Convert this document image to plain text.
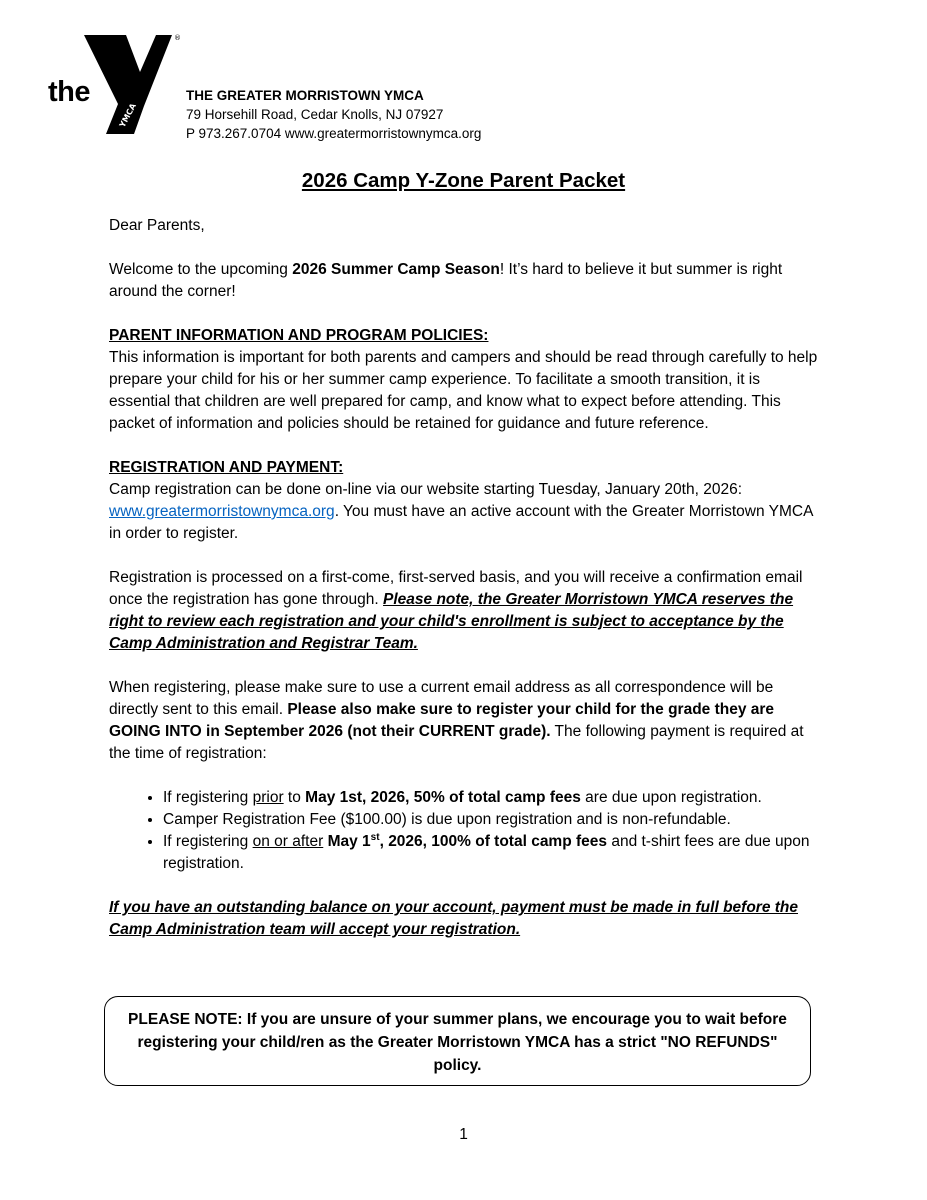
the
YMCA
®
THE GREATER MORRISTOWN YMCA
79 Horsehill Road, Cedar Knolls, NJ 07927
P 973.267.0704 www.greatermorristownymca.org
2026 Camp Y-Zone Parent Packet

Dear Parents,

Welcome to the upcoming 2026 Summer Camp Season! It’s hard to believe it but summer is right around the corner!

PARENT INFORMATION AND PROGRAM POLICIES:

This information is important for both parents and campers and should be read through carefully to help prepare your child for his or her summer camp experience. To facilitate a smooth transition, it is essential that children are well prepared for camp, and know what to expect before attending. This packet of information and policies should be retained for guidance and future reference.

REGISTRATION AND PAYMENT:

Camp registration can be done on-line via our website starting Tuesday, January 20th, 2026: www.greatermorristownymca.org. You must have an active account with the Greater Morristown YMCA in order to register.

Registration is processed on a first-come, first-served basis, and you will receive a confirmation email once the registration has gone through. Please note, the Greater Morristown YMCA reserves the right to review each registration and your child's enrollment is subject to acceptance by the Camp Administration and Registrar Team.

When registering, please make sure to use a current email address as all correspondence will be directly sent to this email. Please also make sure to register your child for the grade they are GOING INTO in September 2026 (not their CURRENT grade). The following payment is required at the time of registration:

• If registering prior to May 1st, 2026, 50% of total camp fees are due upon registration.
• Camper Registration Fee ($100.00) is due upon registration and is non-refundable.
• If registering on or after May 1st, 2026, 100% of total camp fees and t-shirt fees are due upon registration.

If you have an outstanding balance on your account, payment must be made in full before the Camp Administration team will accept your registration.

PLEASE NOTE: If you are unsure of your summer plans, we encourage you to wait before registering your child/ren as the Greater Morristown YMCA has a strict "NO REFUNDS" policy.
1
